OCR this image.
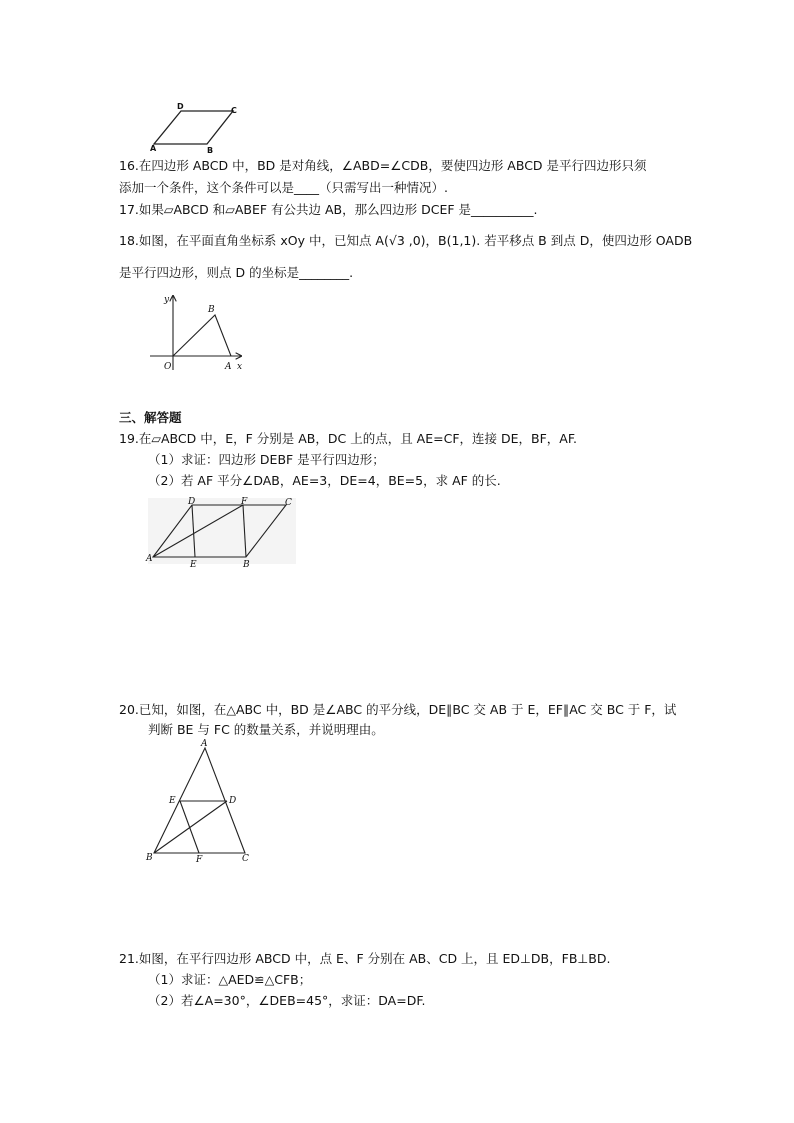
D	C
A	B
16.在四边形 ABCD 中，BD 是对角线，∠ABD=∠CDB，要使四边形 ABCD 是平行四边形只须
添加一个条件，这个条件可以是____（只需写出一种情况）.
17.如果▱ABCD 和▱ABEF 有公共边 AB，那么四边形 DCEF 是__________.
18.如图，在平面直角坐标系 xOy 中，已知点 A(√3 ,0)，B(1,1). 若平移点 B 到点 D，使四边形 OADB
是平行四边形，则点 D 的坐标是________.
y
B
O	A x
三、解答题
19.在▱ABCD 中，E，F 分别是 AB，DC 上的点，且 AE=CF，连接 DE，BF，AF.
（1）求证：四边形 DEBF 是平行四边形；
（2）若 AF 平分∠DAB，AE=3，DE=4，BE=5，求 AF 的长.
D	F	C
A
E	B
20.已知，如图，在△ABC 中，BD 是∠ABC 的平分线，DE∥BC 交 AB 于 E，EF∥AC 交 BC 于 F，试
判断 BE 与 FC 的数量关系，并说明理由。
A
E	D
B	F	C
21.如图，在平行四边形 ABCD 中，点 E、F 分别在 AB、CD 上，且 ED⊥DB，FB⊥BD.
（1）求证：△AED≌△CFB；
（2）若∠A=30°，∠DEB=45°，求证：DA=DF.
